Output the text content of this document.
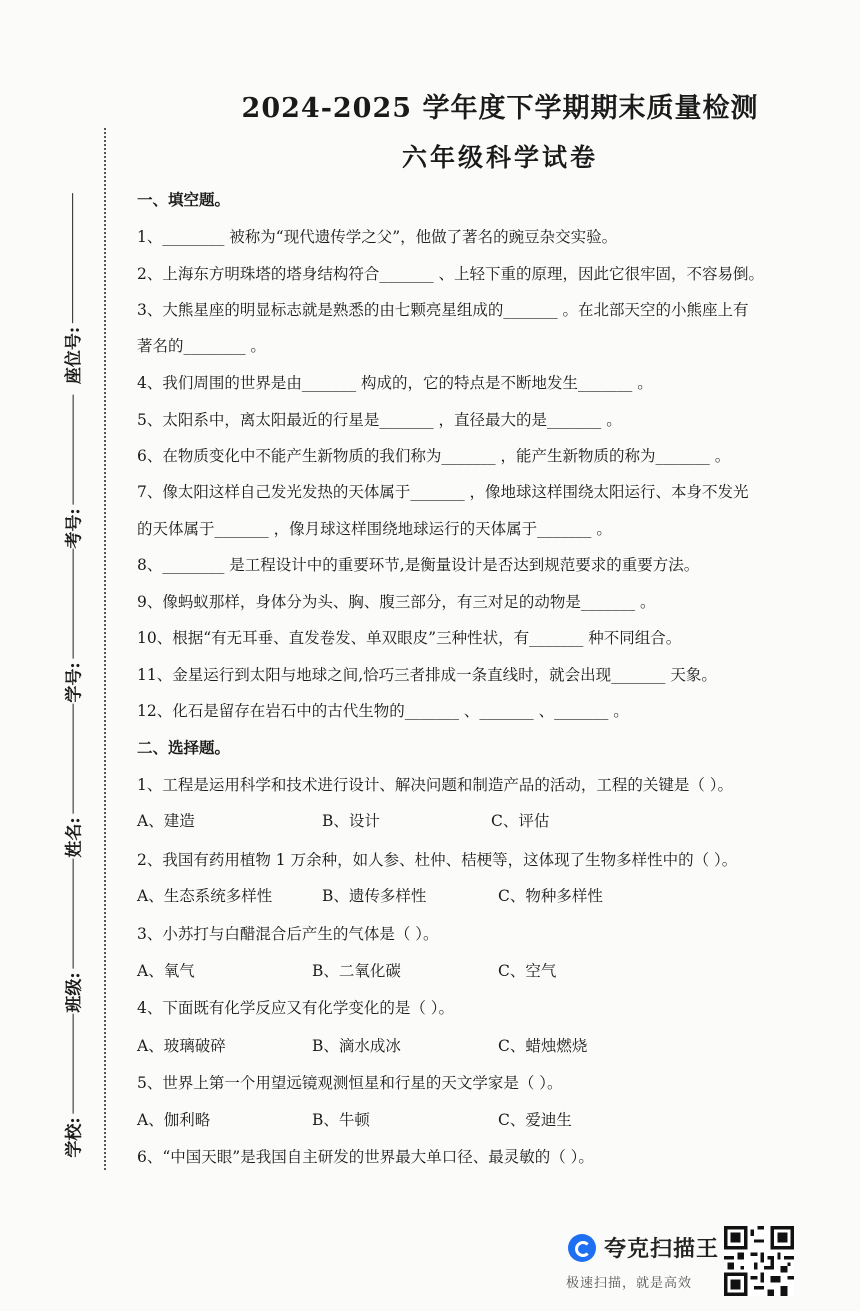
座位号:
考号:
学号:
姓名:
班级:
学校:
2024-2025 学年度下学期期末质量检测
六年级科学试卷
一、填空题。
1、________ 被称为“现代遗传学之父”，他做了著名的豌豆杂交实验。
2、上海东方明珠塔的塔身结构符合_______ 、上轻下重的原理，因此它很牢固，不容易倒。
3、大熊星座的明显标志就是熟悉的由七颗亮星组成的_______ 。在北部天空的小熊座上有
著名的________ 。
4、我们周围的世界是由_______ 构成的，它的特点是不断地发生_______ 。
5、太阳系中，离太阳最近的行星是_______ ，直径最大的是_______ 。
6、在物质变化中不能产生新物质的我们称为_______ ，能产生新物质的称为_______ 。
7、像太阳这样自己发光发热的天体属于_______ ，像地球这样围绕太阳运行、本身不发光
的天体属于_______ ，像月球这样围绕地球运行的天体属于_______ 。
8、________ 是工程设计中的重要环节,是衡量设计是否达到规范要求的重要方法。
9、像蚂蚁那样，身体分为头、胸、腹三部分，有三对足的动物是_______ 。
10、根据“有无耳垂、直发卷发、单双眼皮”三种性状，有_______ 种不同组合。
11、金星运行到太阳与地球之间,恰巧三者排成一条直线时，就会出现_______ 天象。
12、化石是留存在岩石中的古代生物的_______ 、_______ 、_______ 。
二、选择题。
1、工程是运用科学和技术进行设计、解决问题和制造产品的活动，工程的关键是（ ）。
A、建造	B、设计	C、评估
2、我国有药用植物 1 万余种，如人参、杜仲、桔梗等，这体现了生物多样性中的（ ）。
A、生态系统多样性	B、遗传多样性	C、物种多样性
3、小苏打与白醋混合后产生的气体是（ ）。
A、氧气	B、二氧化碳	C、空气
4、下面既有化学反应又有化学变化的是（ ）。
A、玻璃破碎	B、滴水成冰	C、蜡烛燃烧
5、世界上第一个用望远镜观测恒星和行星的天文学家是（ ）。
A、伽利略	B、牛顿	C、爱迪生
6、“中国天眼”是我国自主研发的世界最大单口径、最灵敏的（ ）。
夸克扫描王
极速扫描，就是高效
